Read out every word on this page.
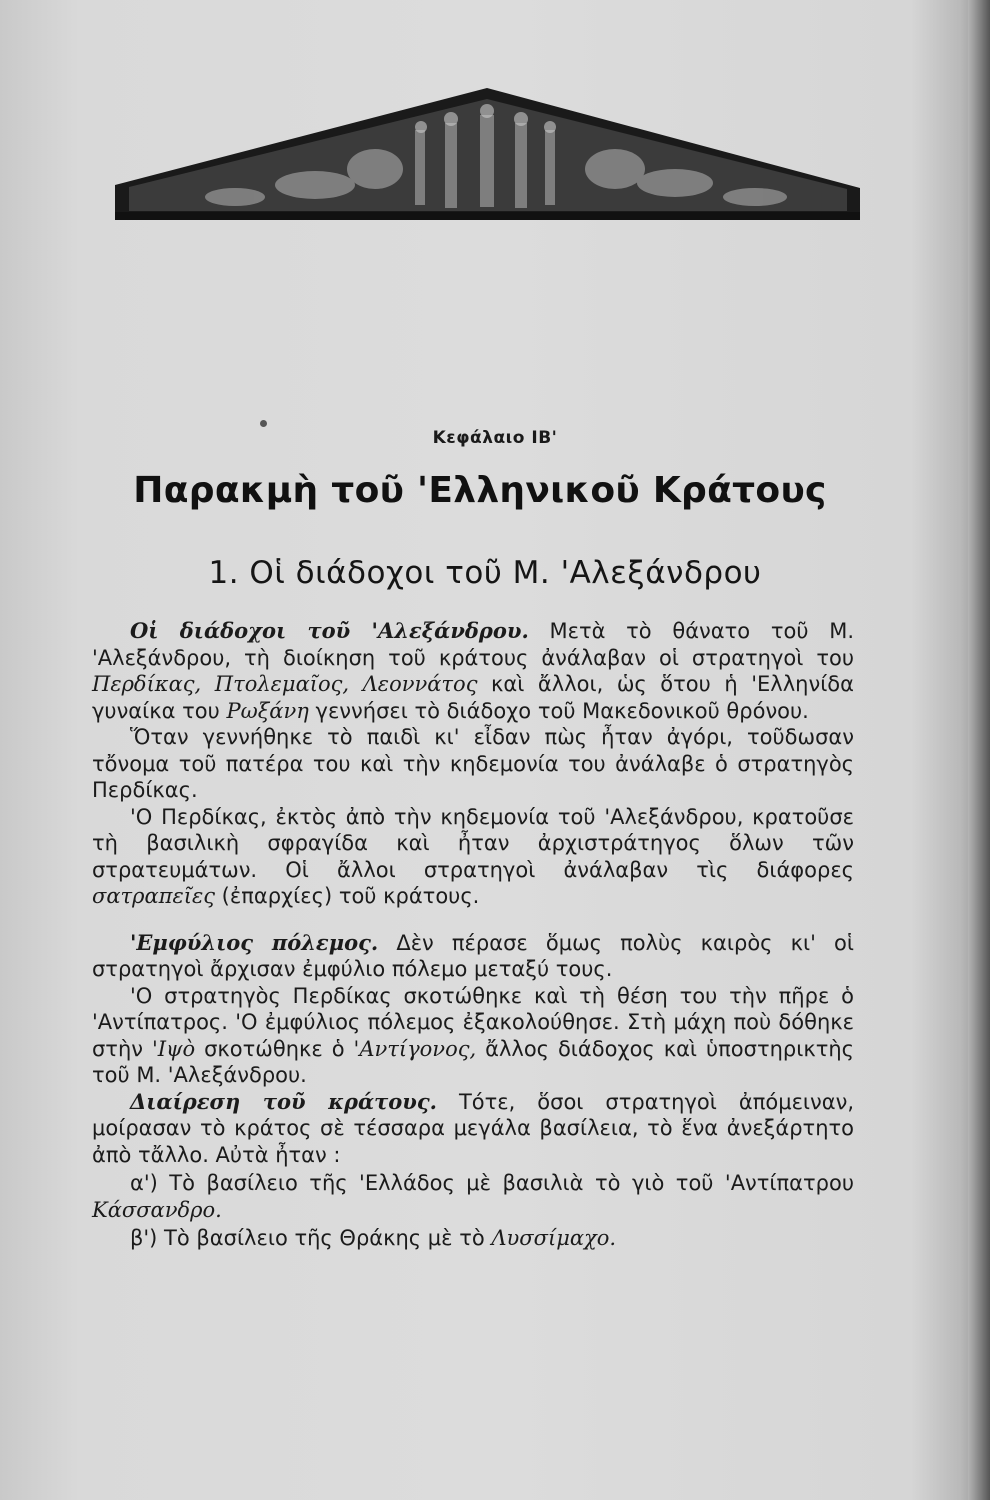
Κεφάλαιο ΙΒ'
Παρακμὴ τοῦ 'Ελληνικοῦ Κράτους
1. Οἱ διάδοχοι τοῦ Μ. 'Αλεξάνδρου

Οἱ διάδοχοι τοῦ 'Αλεξάνδρου. Μετὰ τὸ θάνατο τοῦ Μ. 'Αλεξάνδρου, τὴ διοίκηση τοῦ κράτους ἀνάλαβαν οἱ στρατηγοὶ του Περδίκας, Πτολεμαῖος, Λεοννάτος καὶ ἄλλοι, ὡς ὅτου ἡ 'Ελληνίδα γυναίκα του Ρωξάνη γεννήσει τὸ διάδοχο τοῦ Μακεδονικοῦ θρόνου.

Ὅταν γεννήθηκε τὸ παιδὶ κι' εἶδαν πὼς ἦταν ἀγόρι, τοῦδωσαν τὄνομα τοῦ πατέρα του καὶ τὴν κηδεμονία του ἀνάλαβε ὁ στρατηγὸς Περδίκας.

'Ο Περδίκας, ἐκτὸς ἀπὸ τὴν κηδεμονία τοῦ 'Αλεξάνδρου, κρατοῦσε τὴ βασιλικὴ σφραγίδα καὶ ἦταν ἀρχιστράτηγος ὅλων τῶν στρατευμάτων. Οἱ ἄλλοι στρατηγοὶ ἀνάλαβαν τὶς διάφορες σατραπεῖες (ἐπαρχίες) τοῦ κράτους.

'Εμφύλιος πόλεμος. Δὲν πέρασε ὅμως πολὺς καιρὸς κι' οἱ στρατηγοὶ ἄρχισαν ἐμφύλιο πόλεμο μεταξύ τους.

'Ο στρατηγὸς Περδίκας σκοτώθηκε καὶ τὴ θέση του τὴν πῆρε ὁ 'Αντίπατρος. 'Ο ἐμφύλιος πόλεμος ἐξακολούθησε. Στὴ μάχη ποὺ δόθηκε στὴν 'Ιψὸ σκοτώθηκε ὁ 'Αντίγονος, ἄλλος διάδοχος καὶ ὑποστηρικτὴς τοῦ Μ. 'Αλεξάνδρου.

Διαίρεση τοῦ κράτους. Τότε, ὅσοι στρατηγοὶ ἀπόμειναν, μοίρασαν τὸ κράτος σὲ τέσσαρα μεγάλα βασίλεια, τὸ ἕνα ἀνεξάρτητο ἀπὸ τἄλλο. Αὐτὰ ἦταν :

α') Τὸ βασίλειο τῆς 'Ελλάδος μὲ βασιλιὰ τὸ γιὸ τοῦ 'Αντίπατρου Κάσσανδρο.

β') Τὸ βασίλειο τῆς Θράκης μὲ τὸ Λυσσίμαχο.
